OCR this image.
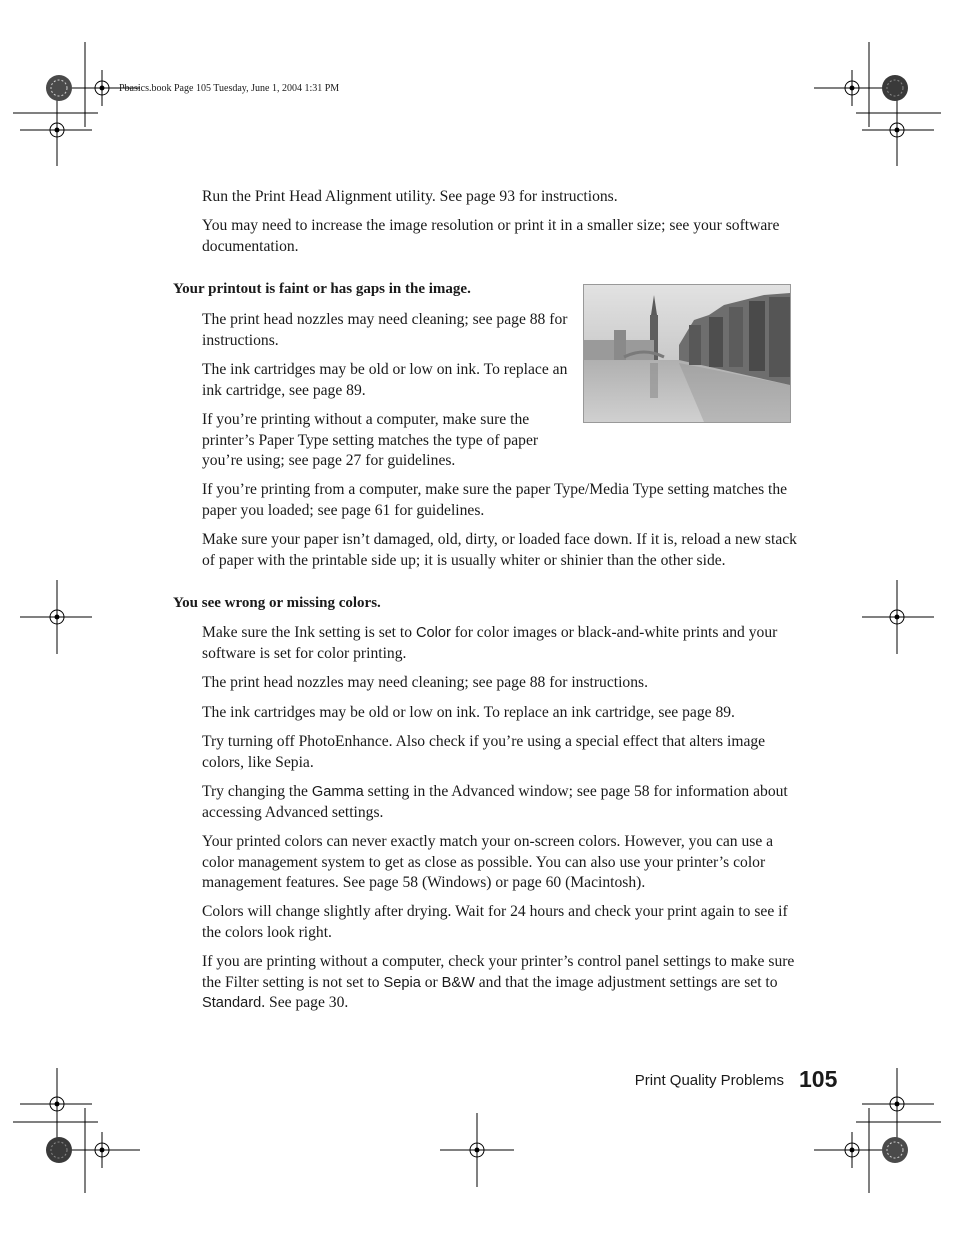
Pbasics.book Page 105 Tuesday, June 1, 2004 1:31 PM

Run the Print Head Alignment utility. See page 93 for instructions.

You may need to increase the image resolution or print it in a smaller size; see your software documentation.

Your printout is faint or has gaps in the image.

The print head nozzles may need cleaning; see page 88 for instructions.

The ink cartridges may be old or low on ink. To replace an ink cartridge, see page 89.

If you’re printing without a computer, make sure the printer’s Paper Type setting matches the type of paper you’re using; see page 27 for guidelines.

If you’re printing from a computer, make sure the paper Type/Media Type setting matches the paper you loaded; see page 61 for guidelines.

Make sure your paper isn’t damaged, old, dirty, or loaded face down. If it is, reload a new stack of paper with the printable side up; it is usually whiter or shinier than the other side.

You see wrong or missing colors.

Make sure the Ink setting is set to Color for color images or black-and-white prints and your software is set for color printing.

The print head nozzles may need cleaning; see page 88 for instructions.

The ink cartridges may be old or low on ink. To replace an ink cartridge, see page 89.

Try turning off PhotoEnhance. Also check if you’re using a special effect that alters image colors, like Sepia.

Try changing the Gamma setting in the Advanced window; see page 58 for information about accessing Advanced settings.

Your printed colors can never exactly match your on-screen colors. However, you can use a color management system to get as close as possible. You can also use your printer’s color management features. See page 58 (Windows) or page 60 (Macintosh).

Colors will change slightly after drying. Wait for 24 hours and check your print again to see if the colors look right.

If you are printing without a computer, check your printer’s control panel settings to make sure the Filter setting is not set to Sepia or B&W and that the image adjustment settings are set to Standard. See page 30.

Print Quality Problems 105
